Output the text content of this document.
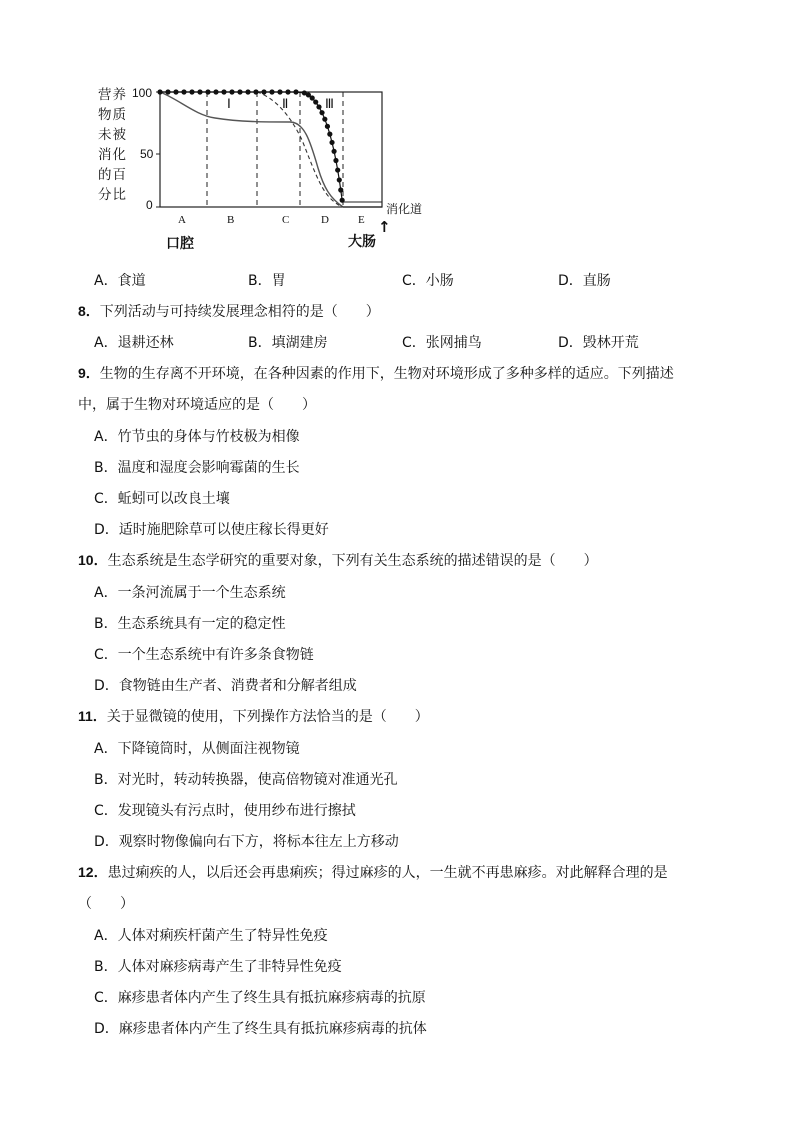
营养
物质
未被
消化
的百
分比
100
50
0
Ⅰ	Ⅱ	Ⅲ
A	B	C	D	E
消化道
口腔	大肠
↑
A．食道	B．胃	C．小肠	D．直肠
8．下列活动与可持续发展理念相符的是（　　）
A．退耕还林	B．填湖建房	C．张网捕鸟	D．毁林开荒
9．生物的生存离不开环境，在各种因素的作用下，生物对环境形成了多种多样的适应。下列描述
中，属于生物对环境适应的是（　　）
A．竹节虫的身体与竹枝极为相像
B．温度和湿度会影响霉菌的生长
C．蚯蚓可以改良土壤
D．适时施肥除草可以使庄稼长得更好
10．生态系统是生态学研究的重要对象，下列有关生态系统的描述错误的是（　　）
A．一条河流属于一个生态系统
B．生态系统具有一定的稳定性
C．一个生态系统中有许多条食物链
D．食物链由生产者、消费者和分解者组成
11．关于显微镜的使用，下列操作方法恰当的是（　　）
A．下降镜筒时，从侧面注视物镜
B．对光时，转动转换器，使高倍物镜对准通光孔
C．发现镜头有污点时，使用纱布进行擦拭
D．观察时物像偏向右下方，将标本往左上方移动
12．患过痢疾的人，以后还会再患痢疾；得过麻疹的人，一生就不再患麻疹。对此解释合理的是
（　　）
A．人体对痢疾杆菌产生了特异性免疫
B．人体对麻疹病毒产生了非特异性免疫
C．麻疹患者体内产生了终生具有抵抗麻疹病毒的抗原
D．麻疹患者体内产生了终生具有抵抗麻疹病毒的抗体
